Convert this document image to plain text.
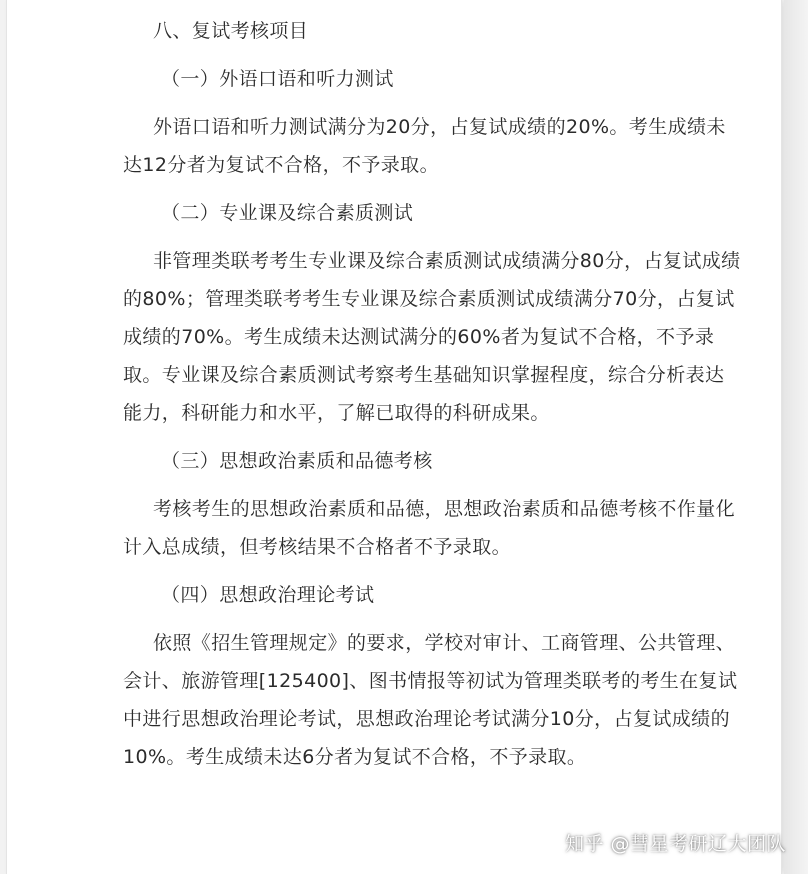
八、复试考核项目
（一）外语口语和听力测试
外语口语和听力测试满分为20分，占复试成绩的20%。考生成绩未达12分者为复试不合格，不予录取。
（二）专业课及综合素质测试
非管理类联考考生专业课及综合素质测试成绩满分80分，占复试成绩的80%；管理类联考考生专业课及综合素质测试成绩满分70分，占复试成绩的70%。考生成绩未达测试满分的60%者为复试不合格，不予录取。专业课及综合素质测试考察考生基础知识掌握程度，综合分析表达能力，科研能力和水平，了解已取得的科研成果。
（三）思想政治素质和品德考核
考核考生的思想政治素质和品德，思想政治素质和品德考核不作量化计入总成绩，但考核结果不合格者不予录取。
（四）思想政治理论考试
依照《招生管理规定》的要求，学校对审计、工商管理、公共管理、会计、旅游管理[125400]、图书情报等初试为管理类联考的考生在复试中进行思想政治理论考试，思想政治理论考试满分10分，占复试成绩的10%。考生成绩未达6分者为复试不合格，不予录取。
知乎 @彗星考研辽大团队
